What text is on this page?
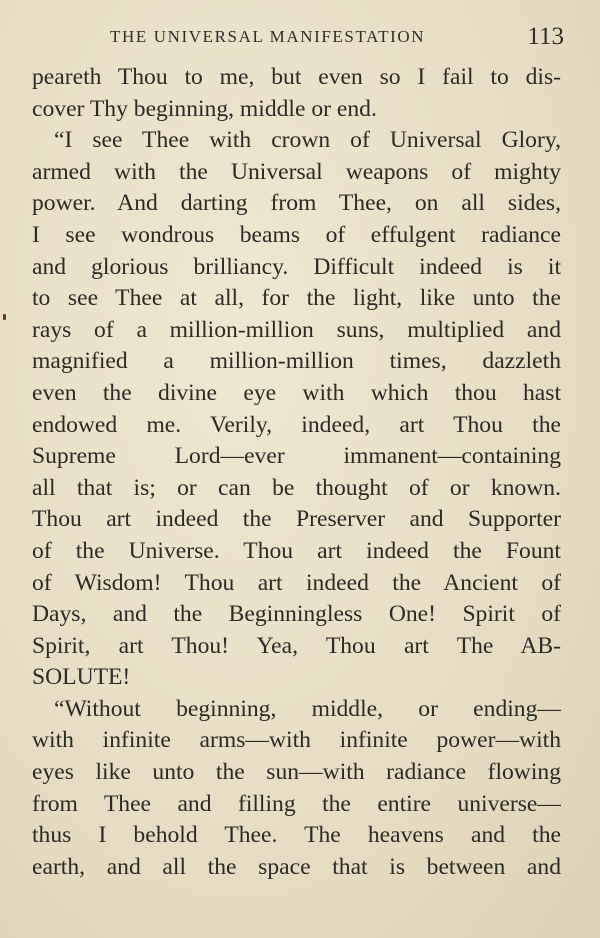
THE UNIVERSAL MANIFESTATION	113
peareth Thou to me, but even so I fail to dis-
cover Thy beginning, middle or end.
“I see Thee with crown of Universal Glory,
armed with the Universal weapons of mighty
power. And darting from Thee, on all sides,
I see wondrous beams of effulgent radiance
and glorious brilliancy. Difficult indeed is it
to see Thee at all, for the light, like unto the
rays of a million-million suns, multiplied and
magnified a million-million times, dazzleth
even the divine eye with which thou hast
endowed me. Verily, indeed, art Thou the
Supreme Lord—ever immanent—containing
all that is; or can be thought of or known.
Thou art indeed the Preserver and Supporter
of the Universe. Thou art indeed the Fount
of Wisdom! Thou art indeed the Ancient of
Days, and the Beginningless One! Spirit of
Spirit, art Thou! Yea, Thou art The AB-
SOLUTE!
“Without beginning, middle, or ending—
with infinite arms—with infinite power—with
eyes like unto the sun—with radiance flowing
from Thee and filling the entire universe—
thus I behold Thee. The heavens and the
earth, and all the space that is between and
